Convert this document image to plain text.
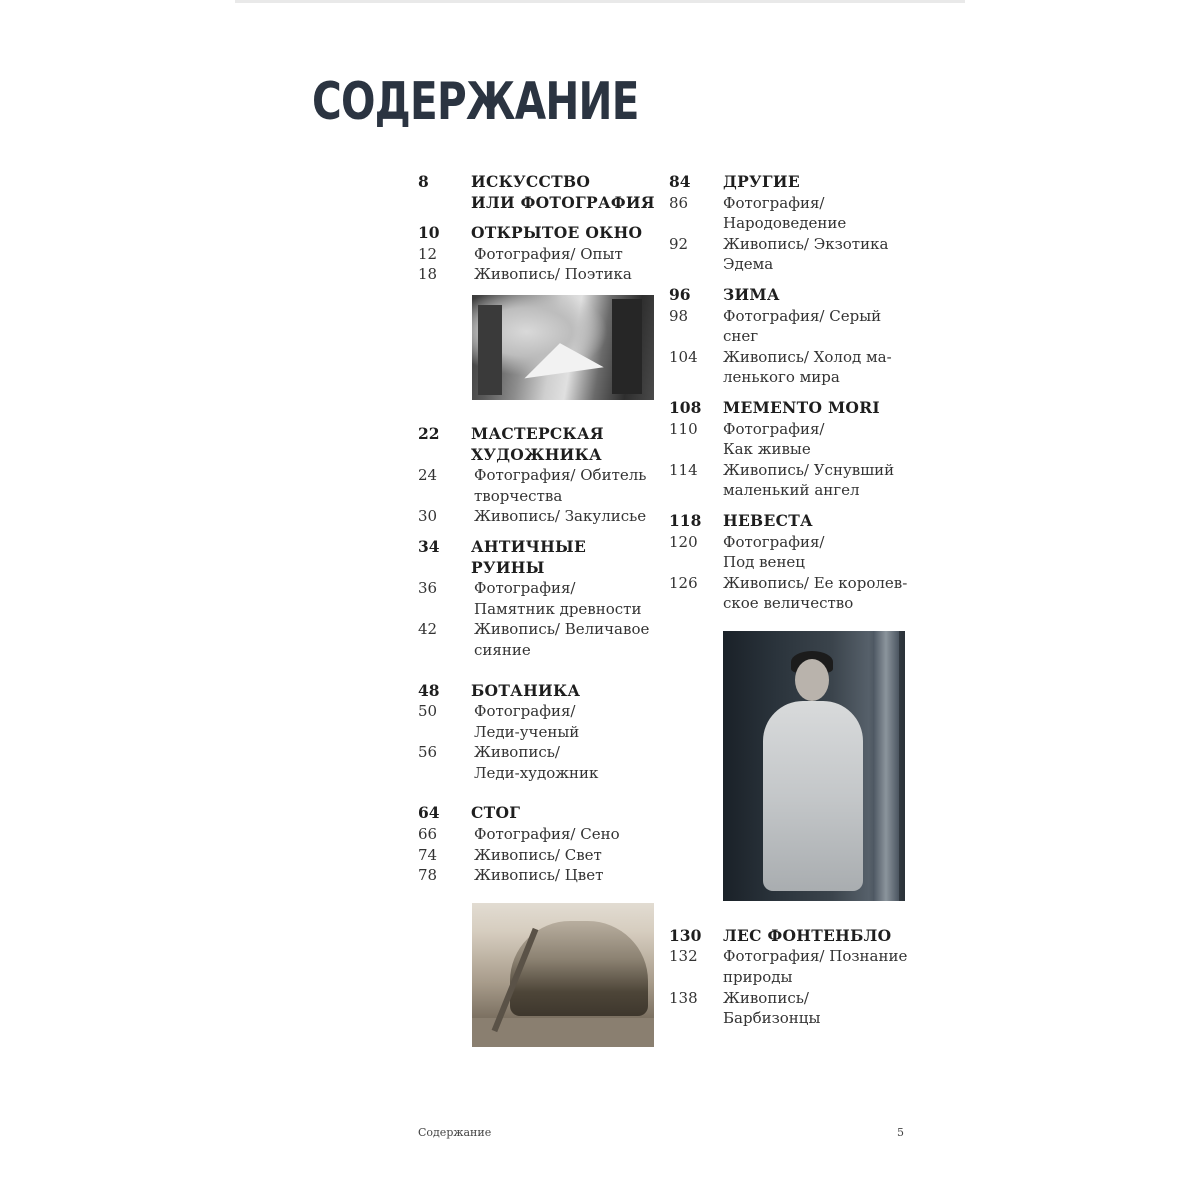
СОДЕРЖАНИЕ
8	ИСКУССТВО
ИЛИ ФОТОГРАФИЯ
10	ОТКРЫТОЕ ОКНО
12	Фотография/ Опыт
18	Живопись/ Поэтика
22	МАСТЕРСКАЯ
ХУДОЖНИКА
24	Фотография/ Обитель
творчества
30	Живопись/ Закулисье
34	АНТИЧНЫЕ РУИНЫ
36	Фотография/
Памятник древности
42	Живопись/ Величавое
сияние
48	БОТАНИКА
50	Фотография/
Леди-ученый
56	Живопись/
Леди-художник
64	СТОГ
66	Фотография/ Сено
74	Живопись/ Свет
78	Живопись/ Цвет
84	ДРУГИЕ
86	Фотография/
Народоведение
92	Живопись/ Экзотика
Эдема
96	ЗИМА
98	Фотография/ Серый
снег
104	Живопись/ Холод ма-
ленького мира
108	MEMENTO MORI
110	Фотография/
Как живые
114	Живопись/ Уснувший
маленький ангел
118	НЕВЕСТА
120	Фотография/
Под венец
126	Живопись/ Ее королев-
ское величество
130	ЛЕС ФОНТЕНБЛО
132	Фотография/ Познание
природы
138	Живопись/
Барбизонцы
Содержание	5
